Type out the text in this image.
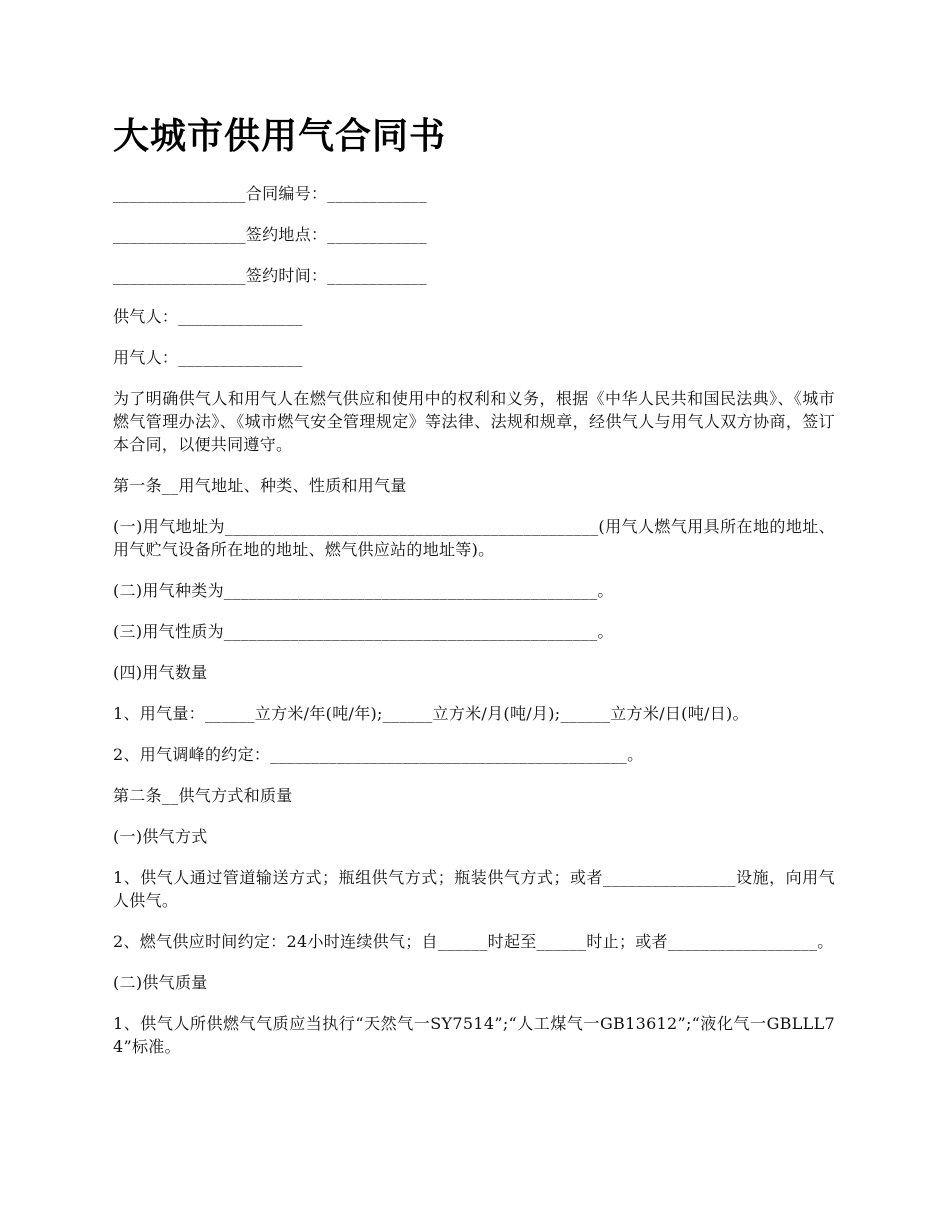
大城市供用气合同书

________________合同编号：____________

________________签约地点：____________

________________签约时间：____________

供气人：_______________

用气人：_______________

为了明确供气人和用气人在燃气供应和使用中的权利和义务，根据《中华人民共和国民法典》、《城市燃气管理办法》、《城市燃气安全管理规定》等法律、法规和规章，经供气人与用气人双方协商，签订本合同，以便共同遵守。

第一条__用气地址、种类、性质和用气量

(一)用气地址为_____________________________________________(用气人燃气用具所在地的地址、用气贮气设备所在地的地址、燃气供应站的地址等)。

(二)用气种类为_____________________________________________。

(三)用气性质为_____________________________________________。

(四)用气数量

1、用气量：______立方米/年(吨/年);______立方米/月(吨/月);______立方米/日(吨/日)。

2、用气调峰的约定：___________________________________________。

第二条__供气方式和质量

(一)供气方式

1、供气人通过管道输送方式；瓶组供气方式；瓶装供气方式；或者________________设施，向用气人供气。

2、燃气供应时间约定：24小时连续供气；自______时起至______时止；或者__________________。

(二)供气质量

1、供气人所供燃气气质应当执行“天然气一SY7514”;“人工煤气一GB13612”;“液化气一GBLLL74”标准。
